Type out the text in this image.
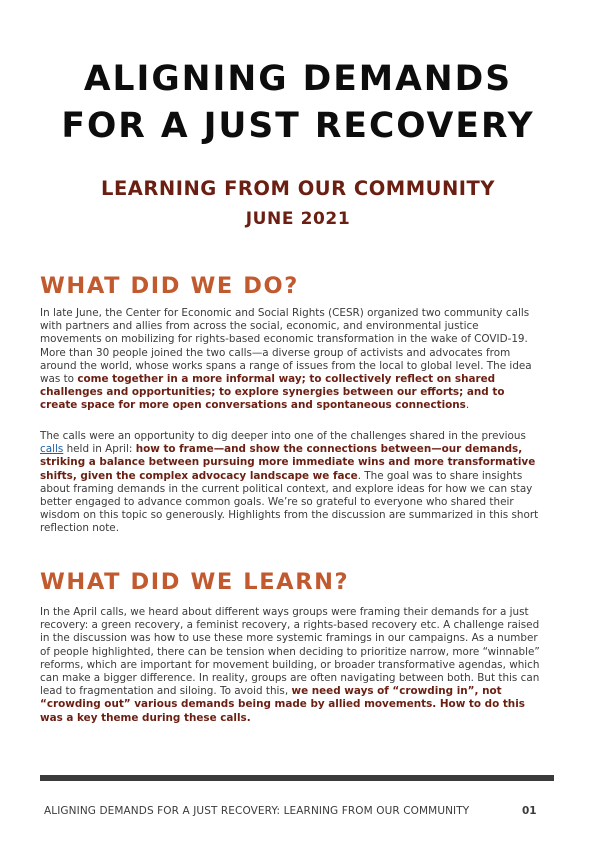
ALIGNING DEMANDS
FOR A JUST RECOVERY
LEARNING FROM OUR COMMUNITY
JUNE 2021
WHAT DID WE DO?

In late June, the Center for Economic and Social Rights (CESR) organized two community calls with partners and allies from across the social, economic, and environmental justice movements on mobilizing for rights-based economic transformation in the wake of COVID-19. More than 30 people joined the two calls—a diverse group of activists and advocates from around the world, whose works spans a range of issues from the local to global level. The idea was to come together in a more informal way; to collectively reflect on shared challenges and opportunities; to explore synergies between our efforts; and to create space for more open conversations and spontaneous connections.

The calls were an opportunity to dig deeper into one of the challenges shared in the previous calls held in April: how to frame—and show the connections between—our demands, striking a balance between pursuing more immediate wins and more transformative shifts, given the complex advocacy landscape we face. The goal was to share insights about framing demands in the current political context, and explore ideas for how we can stay better engaged to advance common goals. We’re so grateful to everyone who shared their wisdom on this topic so generously. Highlights from the discussion are summarized in this short reflection note.

WHAT DID WE LEARN?

In the April calls, we heard about different ways groups were framing their demands for a just recovery: a green recovery, a feminist recovery, a rights-based recovery etc. A challenge raised in the discussion was how to use these more systemic framings in our campaigns. As a number of people highlighted, there can be tension when deciding to prioritize narrow, more “winnable” reforms, which are important for movement building, or broader transformative agendas, which can make a bigger difference. In reality, groups are often navigating between both. But this can lead to fragmentation and siloing. To avoid this, we need ways of “crowding in”, not “crowding out” various demands being made by allied movements. How to do this was a key theme during these calls.

ALIGNING DEMANDS FOR A JUST RECOVERY: LEARNING FROM OUR COMMUNITY	01
